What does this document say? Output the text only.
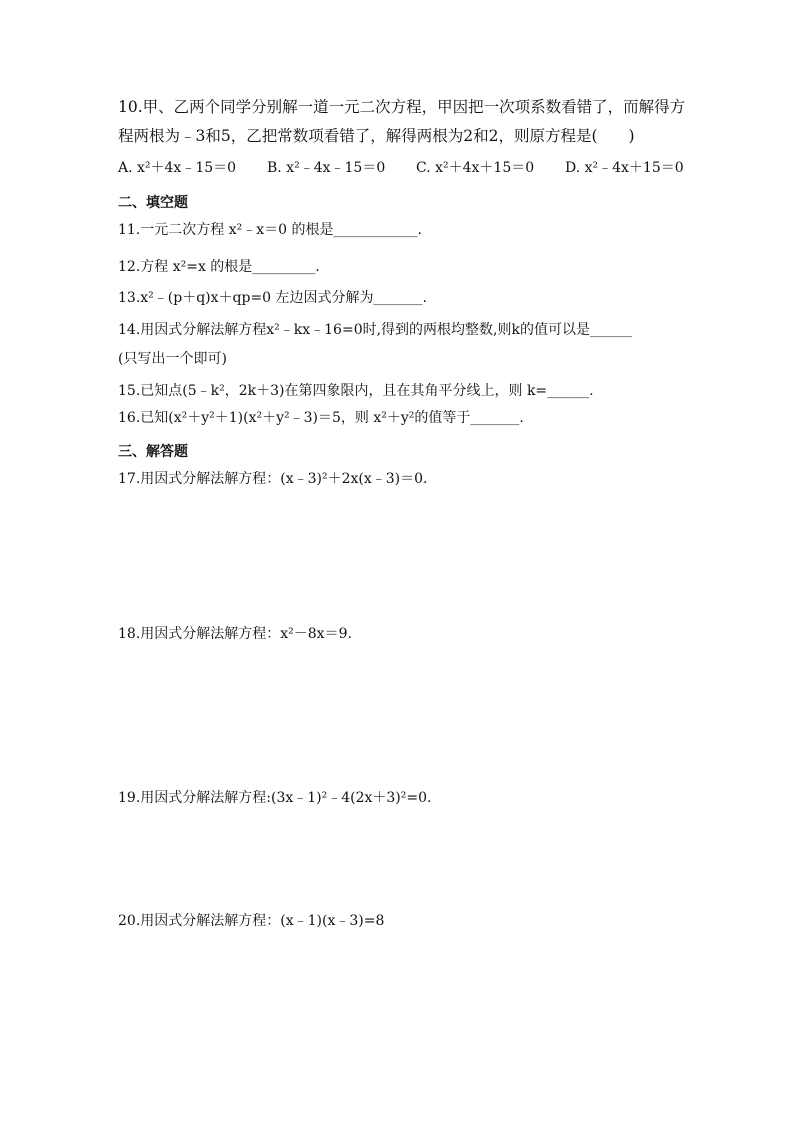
10.甲、乙两个同学分别解一道一元二次方程，甲因把一次项系数看错了，而解得方
程两根为﹣3和5，乙把常数项看错了，解得两根为2和2，则原方程是(　　)
A. x²＋4x﹣15＝0 B. x²﹣4x﹣15＝0 C. x²＋4x＋15＝0 D. x²﹣4x＋15＝0
二、填空题
11.一元二次方程 x²﹣x＝0 的根是____________.
12.方程 x²=x 的根是_________.
13.x²﹣(p＋q)x＋qp=0 左边因式分解为_______.
14.用因式分解法解方程x²﹣kx﹣16=0时,得到的两根均整数,则k的值可以是______
(只写出一个即可)
15.已知点(5﹣k²，2k＋3)在第四象限内，且在其角平分线上，则 k=______.
16.已知(x²＋y²＋1)(x²＋y²﹣3)＝5，则 x²＋y²的值等于_______.
三、解答题
17.用因式分解法解方程：(x﹣3)²＋2x(x﹣3)＝0.
18.用因式分解法解方程：x²－8x＝9.
19.用因式分解法解方程:(3x﹣1)²﹣4(2x＋3)²=0.
20.用因式分解法解方程：(x﹣1)(x﹣3)=8
